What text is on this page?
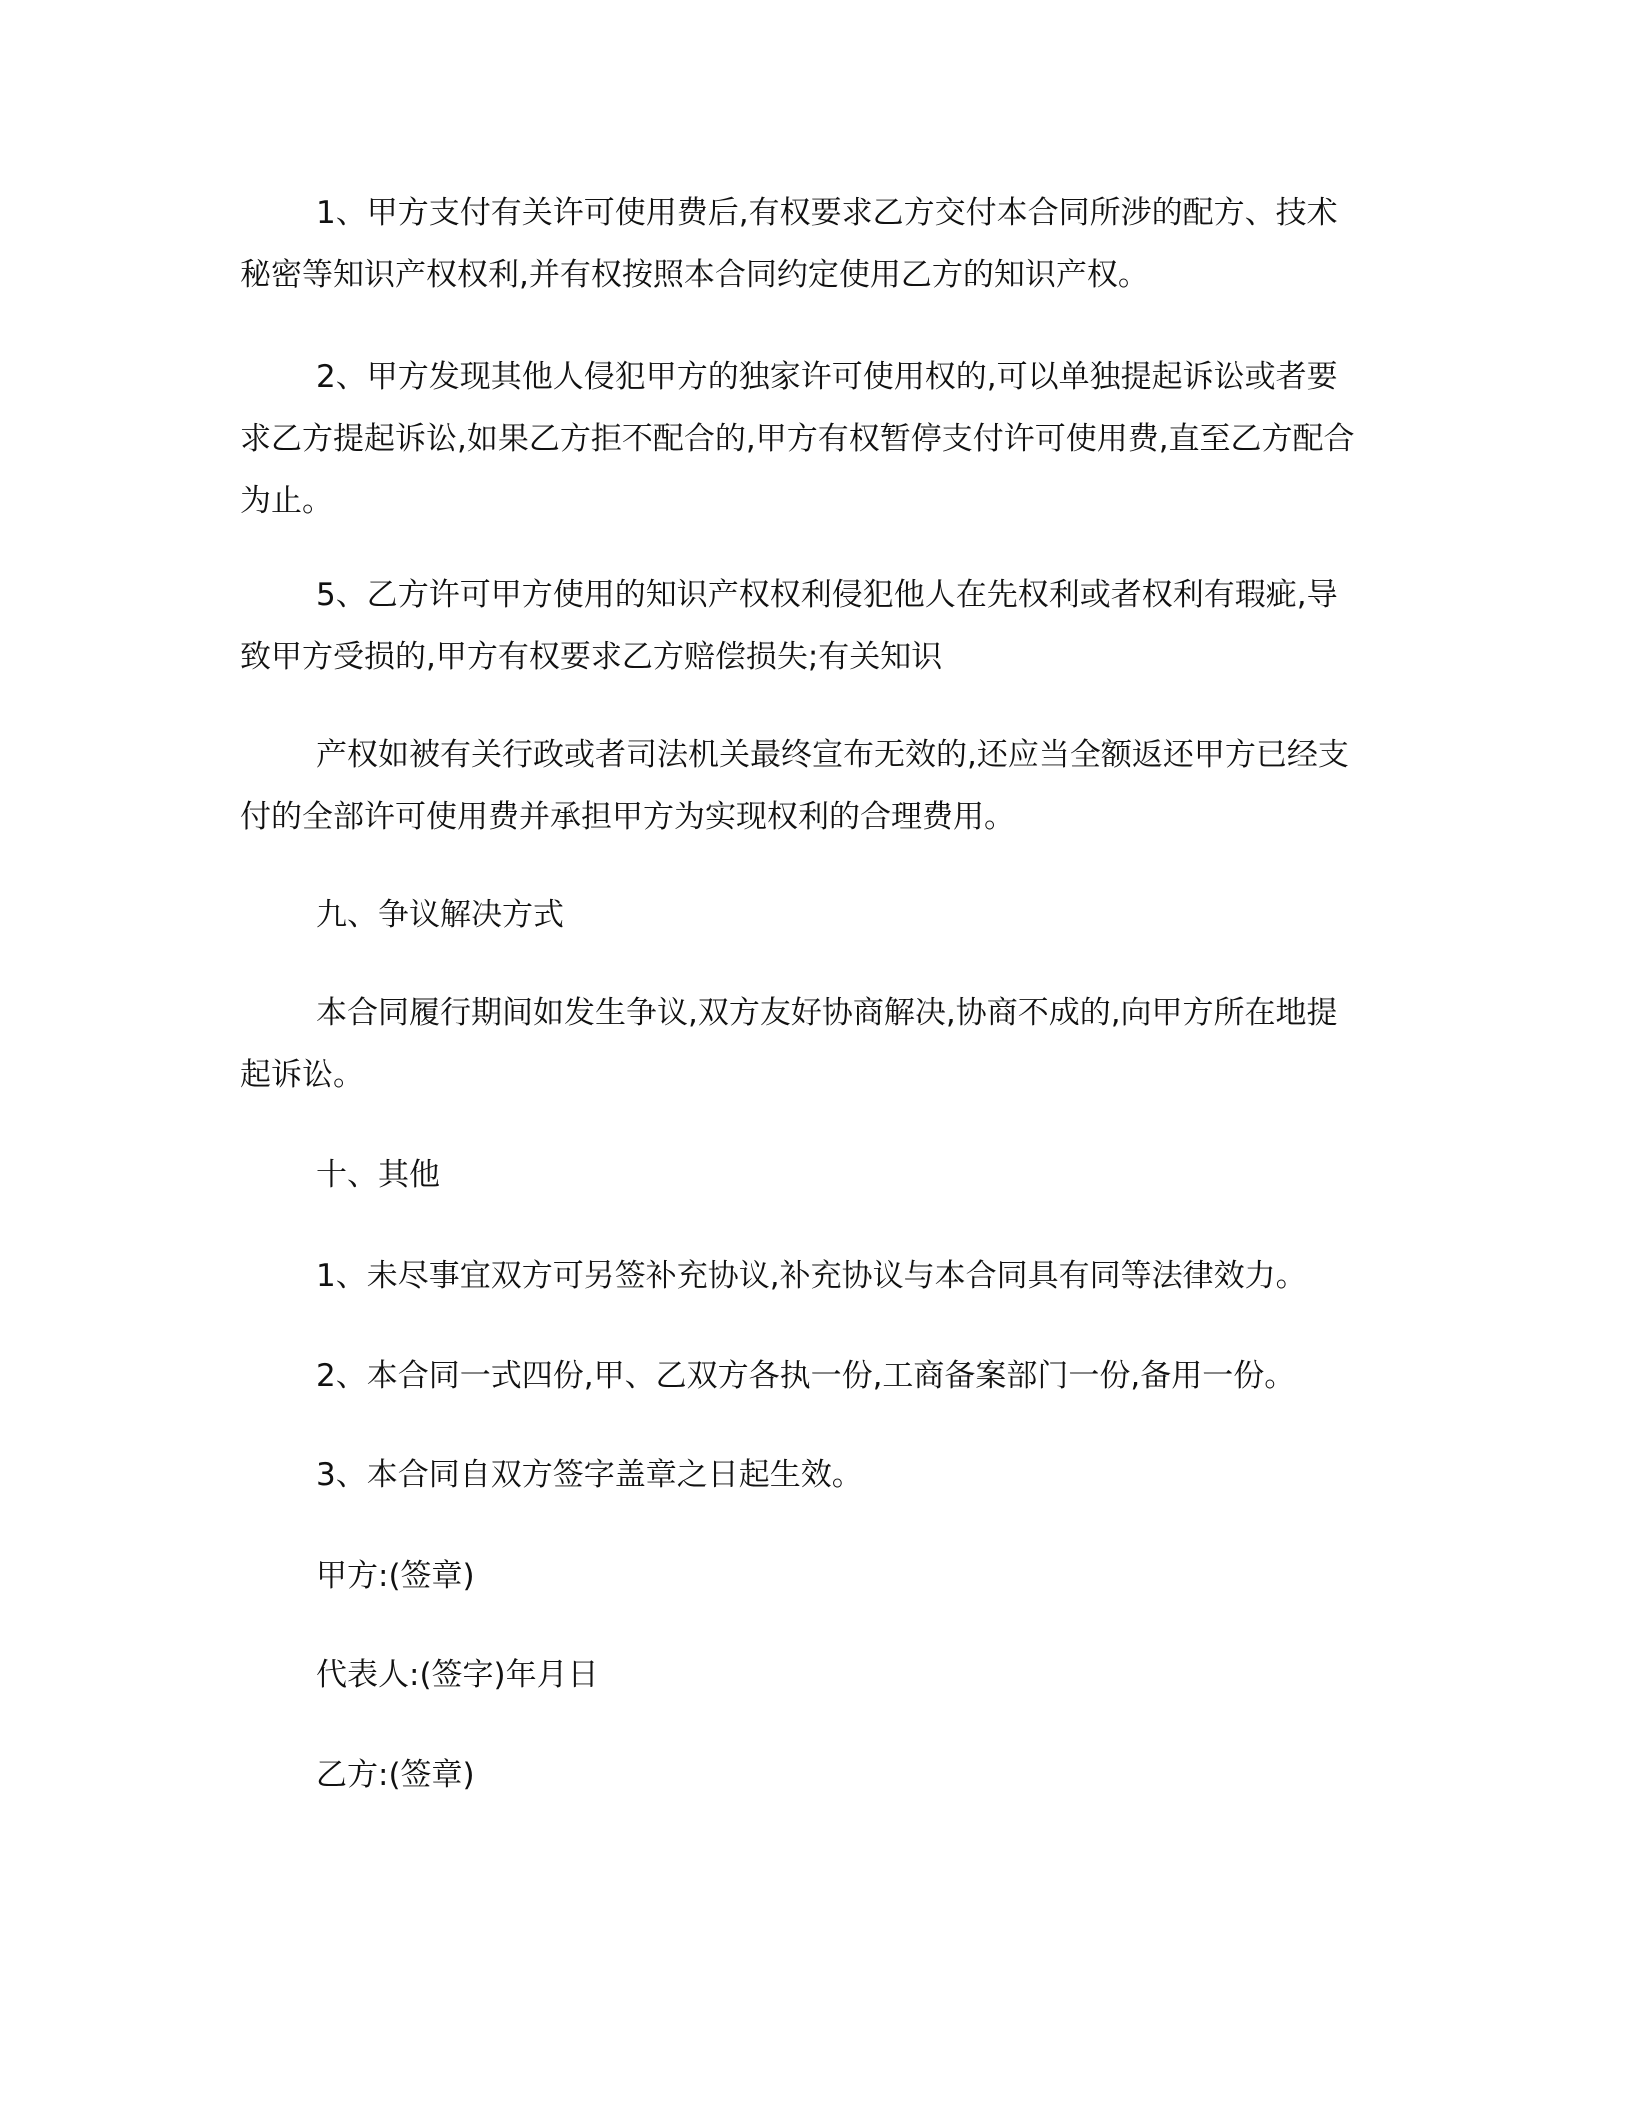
1、甲方支付有关许可使用费后,有权要求乙方交付本合同所涉的配方、技术
秘密等知识产权权利,并有权按照本合同约定使用乙方的知识产权。

2、甲方发现其他人侵犯甲方的独家许可使用权的,可以单独提起诉讼或者要
求乙方提起诉讼,如果乙方拒不配合的,甲方有权暂停支付许可使用费,直至乙方配合
为止。

5、乙方许可甲方使用的知识产权权利侵犯他人在先权利或者权利有瑕疵,导
致甲方受损的,甲方有权要求乙方赔偿损失;有关知识

产权如被有关行政或者司法机关最终宣布无效的,还应当全额返还甲方已经支
付的全部许可使用费并承担甲方为实现权利的合理费用。

九、争议解决方式

本合同履行期间如发生争议,双方友好协商解决,协商不成的,向甲方所在地提
起诉讼。

十、其他

1、未尽事宜双方可另签补充协议,补充协议与本合同具有同等法律效力。

2、本合同一式四份,甲、乙双方各执一份,工商备案部门一份,备用一份。

3、本合同自双方签字盖章之日起生效。

甲方:(签章)

代表人:(签字)年月日

乙方:(签章)
